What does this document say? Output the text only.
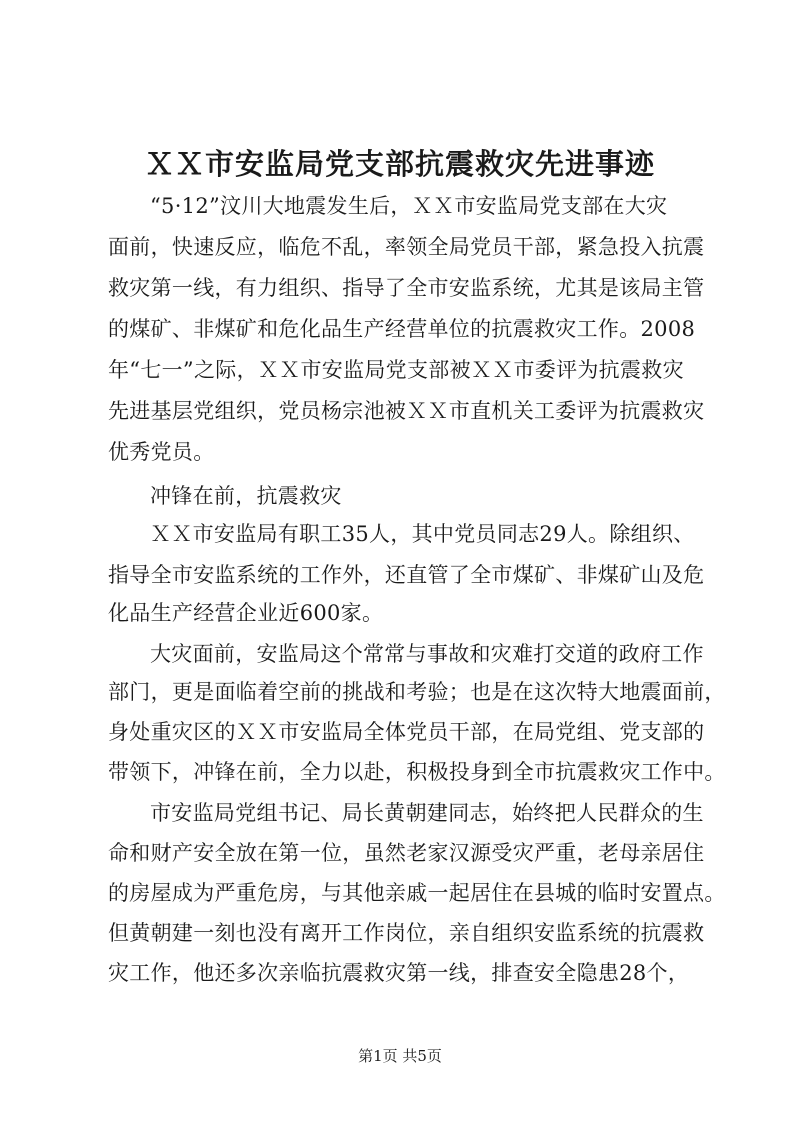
ＸＸ市安监局党支部抗震救灾先进事迹
“5·12”汶川大地震发生后，ＸＸ市安监局党支部在大灾
面前，快速反应，临危不乱，率领全局党员干部，紧急投入抗震
救灾第一线，有力组织、指导了全市安监系统，尤其是该局主管
的煤矿、非煤矿和危化品生产经营单位的抗震救灾工作。2008
年“七一”之际，ＸＸ市安监局党支部被ＸＸ市委评为抗震救灾
先进基层党组织，党员杨宗池被ＸＸ市直机关工委评为抗震救灾
优秀党员。
冲锋在前，抗震救灾
ＸＸ市安监局有职工35人，其中党员同志29人。除组织、
指导全市安监系统的工作外，还直管了全市煤矿、非煤矿山及危
化品生产经营企业近600家。
大灾面前，安监局这个常常与事故和灾难打交道的政府工作
部门，更是面临着空前的挑战和考验；也是在这次特大地震面前，
身处重灾区的ＸＸ市安监局全体党员干部，在局党组、党支部的
带领下，冲锋在前，全力以赴，积极投身到全市抗震救灾工作中。
市安监局党组书记、局长黄朝建同志，始终把人民群众的生
命和财产安全放在第一位，虽然老家汉源受灾严重，老母亲居住
的房屋成为严重危房，与其他亲戚一起居住在县城的临时安置点。
但黄朝建一刻也没有离开工作岗位，亲自组织安监系统的抗震救
灾工作，他还多次亲临抗震救灾第一线，排查安全隐患28个，
第1页 共5页
